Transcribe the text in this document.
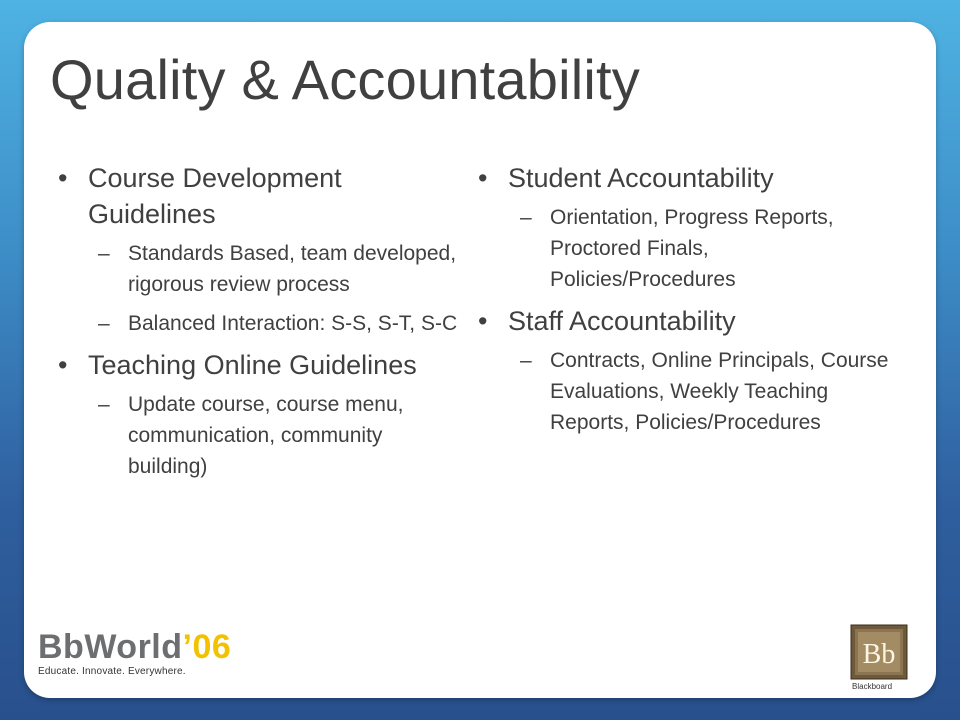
Quality & Accountability
• Course Development Guidelines
– Standards Based, team developed, rigorous review process
– Balanced Interaction: S-S, S-T, S-C
• Teaching Online Guidelines
– Update course, course menu, communication, community building)
• Student Accountability
– Orientation, Progress Reports, Proctored Finals, Policies/Procedures
• Staff Accountability
– Contracts, Online Principals, Course Evaluations, Weekly Teaching Reports, Policies/Procedures
BbWorld’06
Educate. Innovate. Everywhere.
Bb
Blackboard
